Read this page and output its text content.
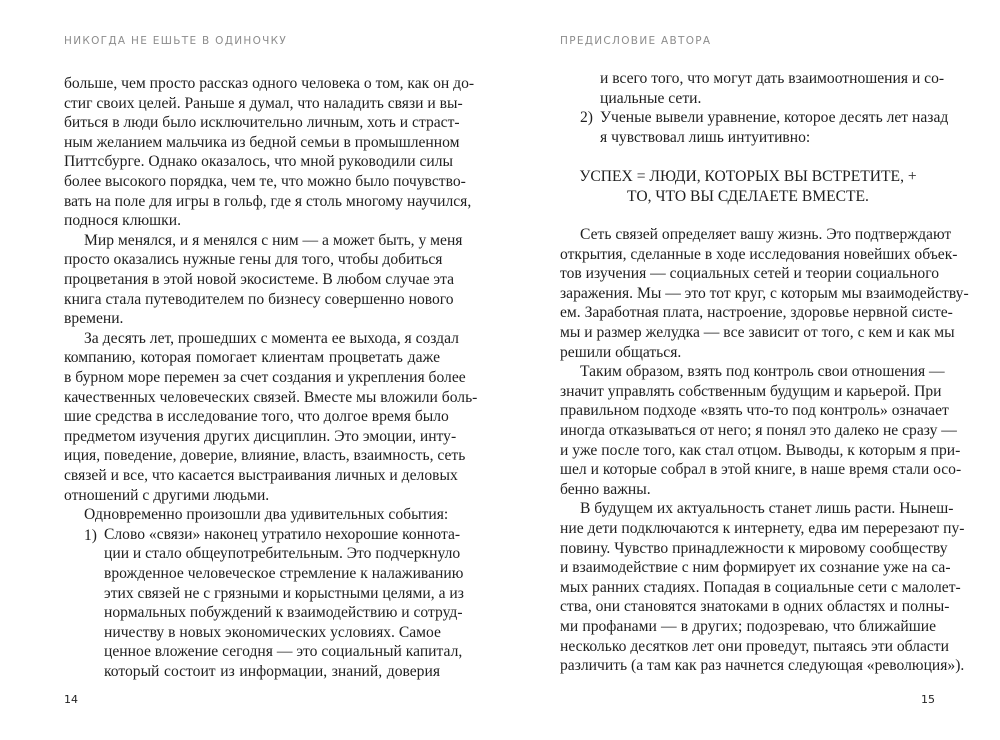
НИКОГДА НЕ ЕШЬТЕ В ОДИНОЧКУ
1)
больше, чем просто рассказ одного человека о том, как он до-
стиг своих целей. Раньше я думал, что наладить связи и вы-
биться в люди было исключительно личным, хоть и страст-
ным желанием мальчика из бедной семьи в промышленном
Питтсбурге. Однако оказалось, что мной руководили силы
более высокого порядка, чем те, что можно было почувство-
вать на поле для игры в гольф, где я столь многому научился,
поднося клюшки.
Мир менялся, и я менялся с ним — а может быть, у меня
просто оказались нужные гены для того, чтобы добиться
процветания в этой новой экосистеме. В любом случае эта
книга стала путеводителем по бизнесу совершенно нового
времени.
За десять лет, прошедших с момента ее выхода, я создал
компанию, которая помогает клиентам процветать даже
в бурном море перемен за счет создания и укрепления более
качественных человеческих связей. Вместе мы вложили боль-
шие средства в исследование того, что долгое время было
предметом изучения других дисциплин. Это эмоции, инту-
иция, поведение, доверие, влияние, власть, взаимность, сеть
связей и все, что касается выстраивания личных и деловых
отношений с другими людьми.
Одновременно произошли два удивительных события:
Слово «связи» наконец утратило нехорошие коннота-
ции и стало общеупотребительным. Это подчеркнуло
врожденное человеческое стремление к налаживанию
этих связей не с грязными и корыстными целями, а из
нормальных побуждений к взаимодействию и сотруд-
ничеству в новых экономических условиях. Самое
ценное вложение сегодня — это социальный капитал,
который состоит из информации, знаний, доверия
14
ПРЕДИСЛОВИЕ АВТОРА
2)
и всего того, что могут дать взаимоотношения и со-
циальные сети.
Ученые вывели уравнение, которое десять лет назад
я чувствовал лишь интуитивно:
УСПЕХ = ЛЮДИ, КОТОРЫХ ВЫ ВСТРЕТИТЕ, +
ТО, ЧТО ВЫ СДЕЛАЕТЕ ВМЕСТЕ.
Сеть связей определяет вашу жизнь. Это подтверждают
открытия, сделанные в ходе исследования новейших объек-
тов изучения — социальных сетей и теории социального
заражения. Мы — это тот круг, с которым мы взаимодейству-
ем. Заработная плата, настроение, здоровье нервной систе-
мы и размер желудка — все зависит от того, с кем и как мы
решили общаться.
Таким образом, взять под контроль свои отношения —
значит управлять собственным будущим и карьерой. При
правильном подходе «взять что-то под контроль» означает
иногда отказываться от него; я понял это далеко не сразу —
и уже после того, как стал отцом. Выводы, к которым я при-
шел и которые собрал в этой книге, в наше время стали осо-
бенно важны.
В будущем их актуальность станет лишь расти. Нынеш-
ние дети подключаются к интернету, едва им перерезают пу-
повину. Чувство принадлежности к мировому сообществу
и взаимодействие с ним формирует их сознание уже на са-
мых ранних стадиях. Попадая в социальные сети с малолет-
ства, они становятся знатоками в одних областях и полны-
ми профанами — в других; подозреваю, что ближайшие
несколько десятков лет они проведут, пытаясь эти области
различить (а там как раз начнется следующая «революция»).
15
